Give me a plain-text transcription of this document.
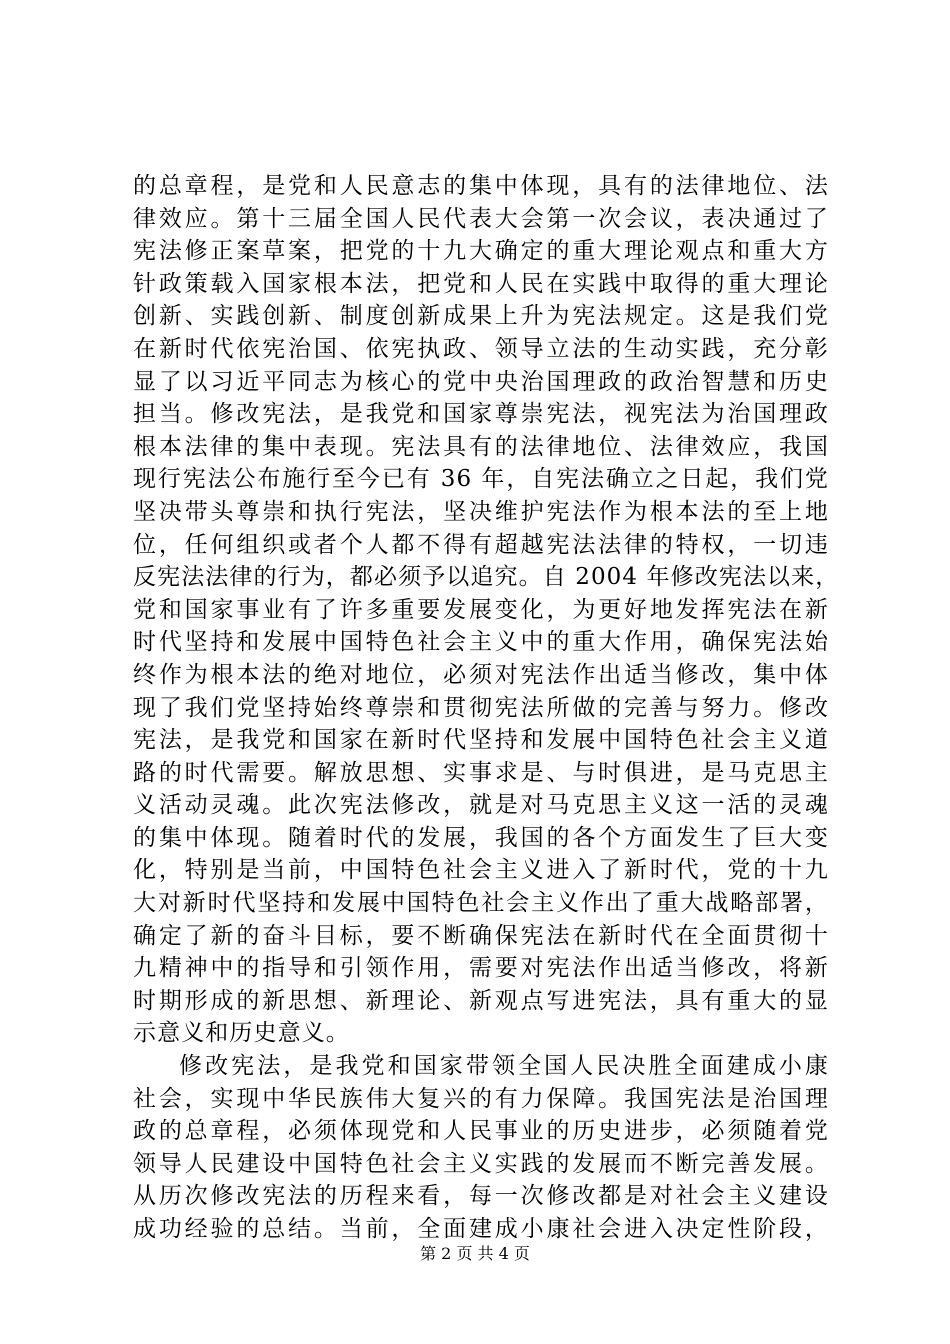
的总章程，是党和人民意志的集中体现，具有的法律地位、法
律效应。第十三届全国人民代表大会第一次会议，表决通过了
宪法修正案草案，把党的十九大确定的重大理论观点和重大方
针政策载入国家根本法，把党和人民在实践中取得的重大理论
创新、实践创新、制度创新成果上升为宪法规定。这是我们党
在新时代依宪治国、依宪执政、领导立法的生动实践，充分彰
显了以习近平同志为核心的党中央治国理政的政治智慧和历史
担当。修改宪法，是我党和国家尊崇宪法，视宪法为治国理政
根本法律的集中表现。宪法具有的法律地位、法律效应，我国
现行宪法公布施行至今已有 36 年，自宪法确立之日起，我们党
坚决带头尊崇和执行宪法，坚决维护宪法作为根本法的至上地
位，任何组织或者个人都不得有超越宪法法律的特权，一切违
反宪法法律的行为，都必须予以追究。自 2004 年修改宪法以来，
党和国家事业有了许多重要发展变化，为更好地发挥宪法在新
时代坚持和发展中国特色社会主义中的重大作用，确保宪法始
终作为根本法的绝对地位，必须对宪法作出适当修改，集中体
现了我们党坚持始终尊崇和贯彻宪法所做的完善与努力。修改
宪法，是我党和国家在新时代坚持和发展中国特色社会主义道
路的时代需要。解放思想、实事求是、与时俱进，是马克思主
义活动灵魂。此次宪法修改，就是对马克思主义这一活的灵魂
的集中体现。随着时代的发展，我国的各个方面发生了巨大变
化，特别是当前，中国特色社会主义进入了新时代，党的十九
大对新时代坚持和发展中国特色社会主义作出了重大战略部署，
确定了新的奋斗目标，要不断确保宪法在新时代在全面贯彻十
九精神中的指导和引领作用，需要对宪法作出适当修改，将新
时期形成的新思想、新理论、新观点写进宪法，具有重大的显
示意义和历史意义。
修改宪法，是我党和国家带领全国人民决胜全面建成小康
社会，实现中华民族伟大复兴的有力保障。我国宪法是治国理
政的总章程，必须体现党和人民事业的历史进步，必须随着党
领导人民建设中国特色社会主义实践的发展而不断完善发展。
从历次修改宪法的历程来看，每一次修改都是对社会主义建设
成功经验的总结。当前，全面建成小康社会进入决定性阶段，
第 2 页 共 4 页
